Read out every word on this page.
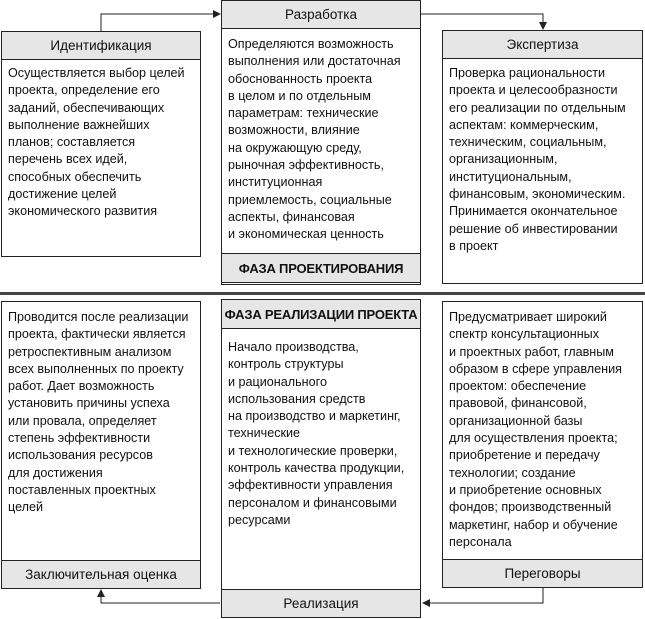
Идентификация
Осуществляется выбор целей
проекта, определение его
заданий, обеспечивающих
выполнение важнейших
планов; составляется
перечень всех идей,
способных обеспечить
достижение целей
экономического развития
Разработка
Определяются возможность
выполнения или достаточная
обоснованность проекта
в целом и по отдельным
параметрам: технические
возможности, влияние
на окружающую среду,
рыночная эффективность,
институционная
приемлемость, социальные
аспекты, финансовая
и экономическая ценность
ФАЗА ПРОЕКТИРОВАНИЯ
Экспертиза
Проверка рациональности
проекта и целесообразности
его реализации по отдельным
аспектам: коммерческим,
техническим, социальным,
организационным,
институциональным,
финансовым, экономическим.
Принимается окончательное
решение об инвестировании
в проект
Проводится после реализации
проекта, фактически является
ретроспективным анализом
всех выполненных по проекту
работ. Дает возможность
установить причины успеха
или провала, определяет
степень эффективности
использования ресурсов
для достижения
поставленных проектных
целей
Заключительная оценка
ФАЗА РЕАЛИЗАЦИИ ПРОЕКТА
Начало производства,
контроль структуры
и рационального
использования средств
на производство и маркетинг,
технические
и технологические проверки,
контроль качества продукции,
эффективности управления
персоналом и финансовыми
ресурсами
Реализация
Предусматривает широкий
спектр консультационных
и проектных работ, главным
образом в сфере управления
проектом: обеспечение
правовой, финансовой,
организационной базы
для осуществления проекта;
приобретение и передачу
технологии; создание
и приобретение основных
фондов; производственный
маркетинг, набор и обучение
персонала
Переговоры
